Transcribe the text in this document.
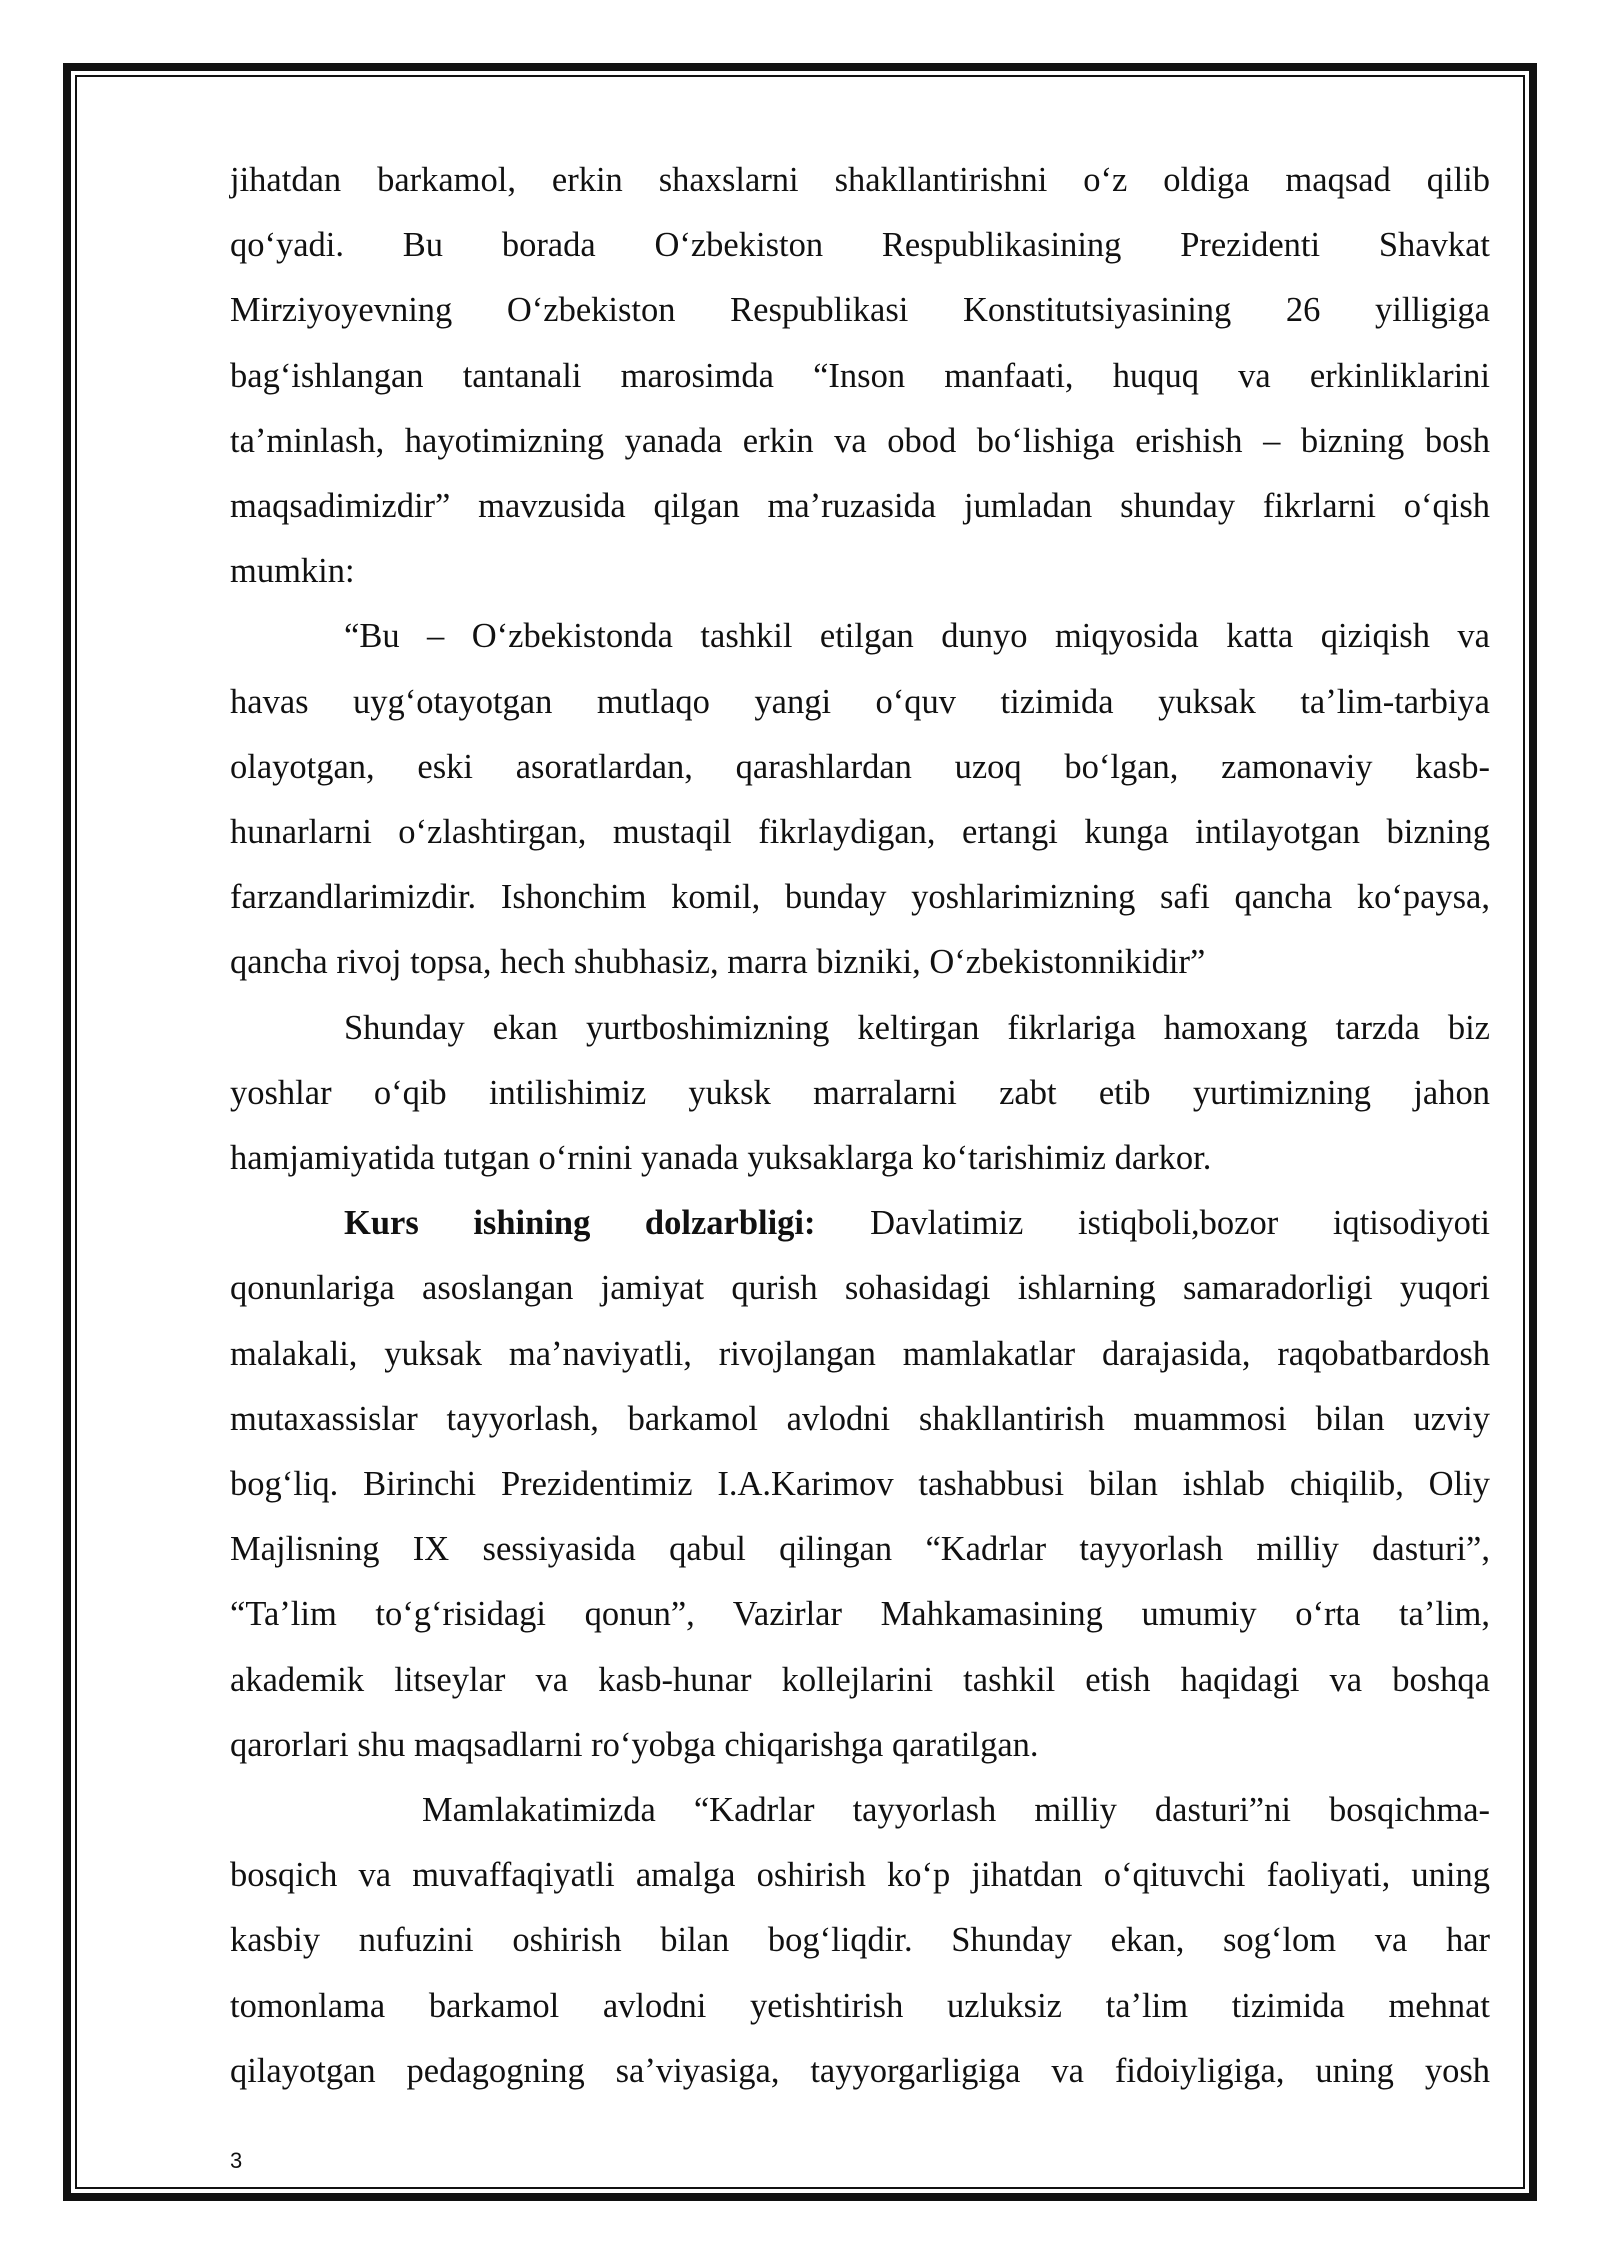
jihatdan barkamol, erkin shaxslarni shakllantirishni oʻz oldiga maqsad qilib
qoʻyadi. Bu borada Oʻzbekiston Respublikasining Prezidenti Shavkat
Mirziyoyevning Oʻzbekiston Respublikasi Konstitutsiyasining 26 yilligiga
bagʻishlangan tantanali marosimda “Inson manfaati, huquq va erkinliklarini
taʼminlash, hayotimizning yanada erkin va obod boʻlishiga erishish – bizning bosh
maqsadimizdir” mavzusida qilgan maʼruzasida jumladan shunday fikrlarni oʻqish
mumkin:
“Bu – Oʻzbekistonda tashkil etilgan dunyo miqyosida katta qiziqish va
havas uygʻotayotgan mutlaqo yangi oʻquv tizimida yuksak taʼlim-tarbiya
olayotgan, eski asoratlardan, qarashlardan uzoq boʻlgan, zamonaviy kasb-
hunarlarni oʻzlashtirgan, mustaqil fikrlaydigan, ertangi kunga intilayotgan bizning
farzandlarimizdir. Ishonchim komil, bunday yoshlarimizning safi qancha koʻpaysa,
qancha rivoj topsa, hech shubhasiz, marra bizniki, Oʻzbekistonnikidir”
Shunday ekan yurtboshimizning keltirgan fikrlariga hamoxang tarzda biz
yoshlar oʻqib intilishimiz yuksk marralarni zabt etib yurtimizning jahon
hamjamiyatida tutgan oʻrnini yanada yuksaklarga koʻtarishimiz darkor.
Kurs ishining dolzarbligi: Davlatimiz istiqboli,bozor iqtisodiyoti
qonunlariga asoslangan jamiyat qurish sohasidagi ishlarning samaradorligi yuqori
malakali, yuksak maʼnaviyatli, rivojlangan mamlakatlar darajasida, raqobatbardosh
mutaxassislar tayyorlash, barkamol avlodni shakllantirish muammosi bilan uzviy
bogʻliq. Birinchi Prezidentimiz I.A.Karimov tashabbusi bilan ishlab chiqilib, Oliy
Majlisning IX sessiyasida qabul qilingan “Kadrlar tayyorlash milliy dasturi”,
“Taʼlim toʻgʻrisidagi qonun”, Vazirlar Mahkamasining umumiy oʻrta taʼlim,
akademik litseylar va kasb-hunar kollejlarini tashkil etish haqidagi va boshqa
qarorlari shu maqsadlarni roʻyobga chiqarishga qaratilgan.
Mamlakatimizda “Kadrlar tayyorlash milliy dasturi”ni bosqichma-
bosqich va muvaffaqiyatli amalga oshirish koʻp jihatdan oʻqituvchi faoliyati, uning
kasbiy nufuzini oshirish bilan bogʻliqdir. Shunday ekan, sogʻlom va har
tomonlama barkamol avlodni yetishtirish uzluksiz taʼlim tizimida mehnat
qilayotgan pedagogning saʼviyasiga, tayyorgarligiga va fidoiyligiga, uning yosh
3
